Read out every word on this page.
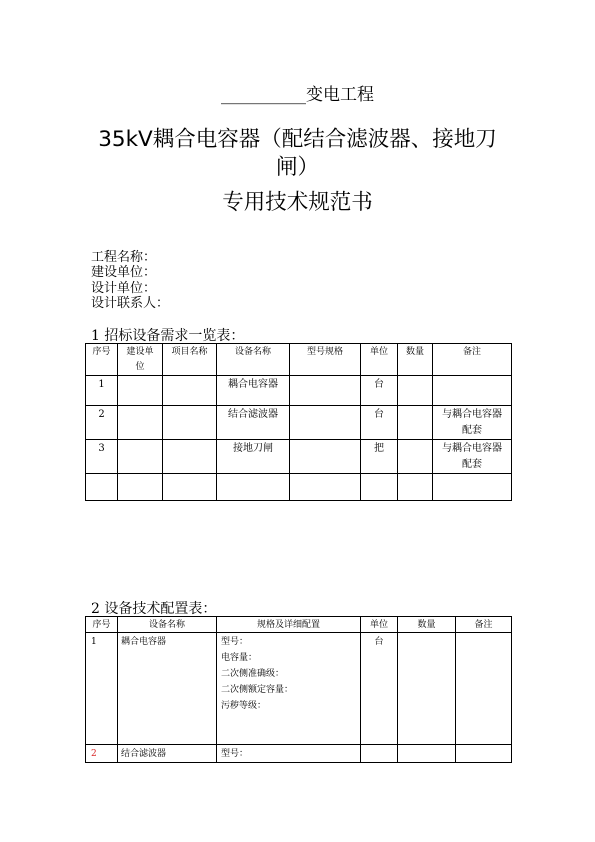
__________变电工程
35kV耦合电容器（配结合滤波器、接地刀
闸）
专用技术规范书
工程名称：
建设单位：
设计单位：
设计联系人：
1 招标设备需求一览表：
序号	建设单位	项目名称	设备名称	型号规格	单位	数量	备注
1			耦合电容器		台		
2			结合滤波器		台		与耦合电容器配套
3			接地刀闸		把		与耦合电容器配套

2 设备技术配置表：
序号	设备名称	规格及详细配置	单位	数量	备注
1	耦合电容器	型号：
电容量：
二次侧准确级：
二次侧额定容量：
污秽等级：	台		
2	结合滤波器	型号：			
